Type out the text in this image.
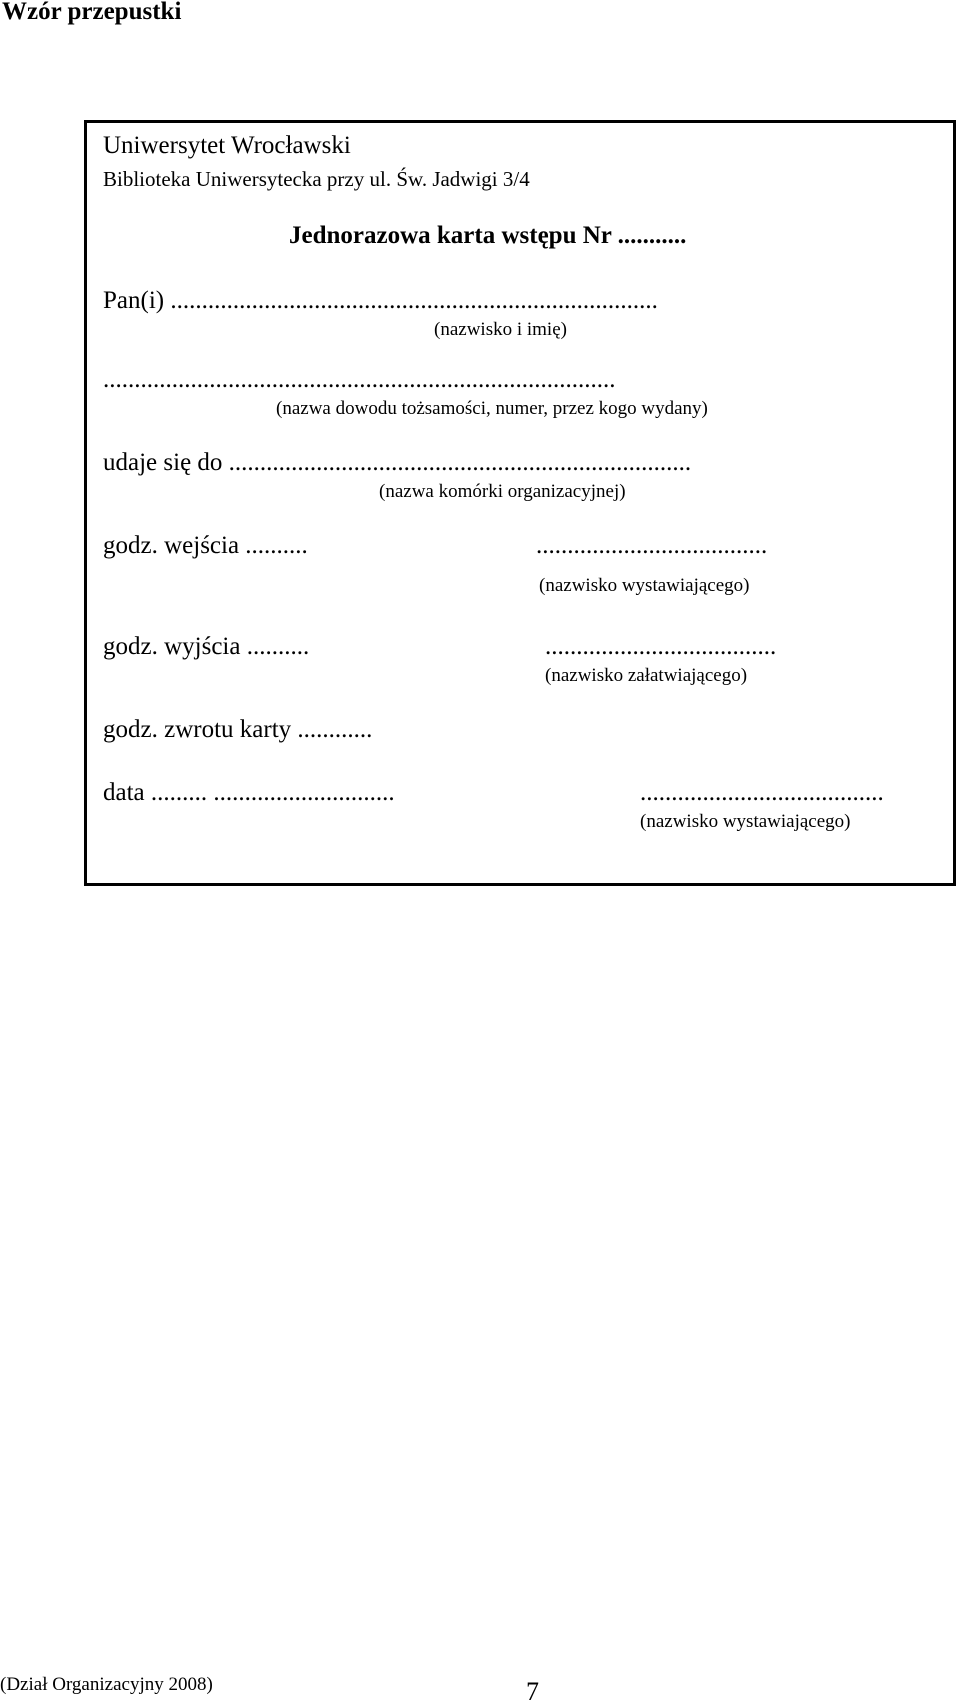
Wzór przepustki
Uniwersytet Wrocławski
Biblioteka Uniwersytecka przy ul. Św. Jadwigi 3/4
Jednorazowa karta wstępu Nr ...........
Pan(i) ..............................................................................
(nazwisko i imię)
..................................................................................
(nazwa dowodu tożsamości, numer, przez kogo wydany)
udaje się do ..........................................................................
(nazwa komórki organizacyjnej)
godz. wejścia ..........	.....................................
(nazwisko wystawiającego)
godz. wyjścia ..........	.....................................
(nazwisko załatwiającego)
godz. zwrotu karty ............
data ......... .............................	.......................................
(nazwisko wystawiającego)
(Dział Organizacyjny 2008)	7
